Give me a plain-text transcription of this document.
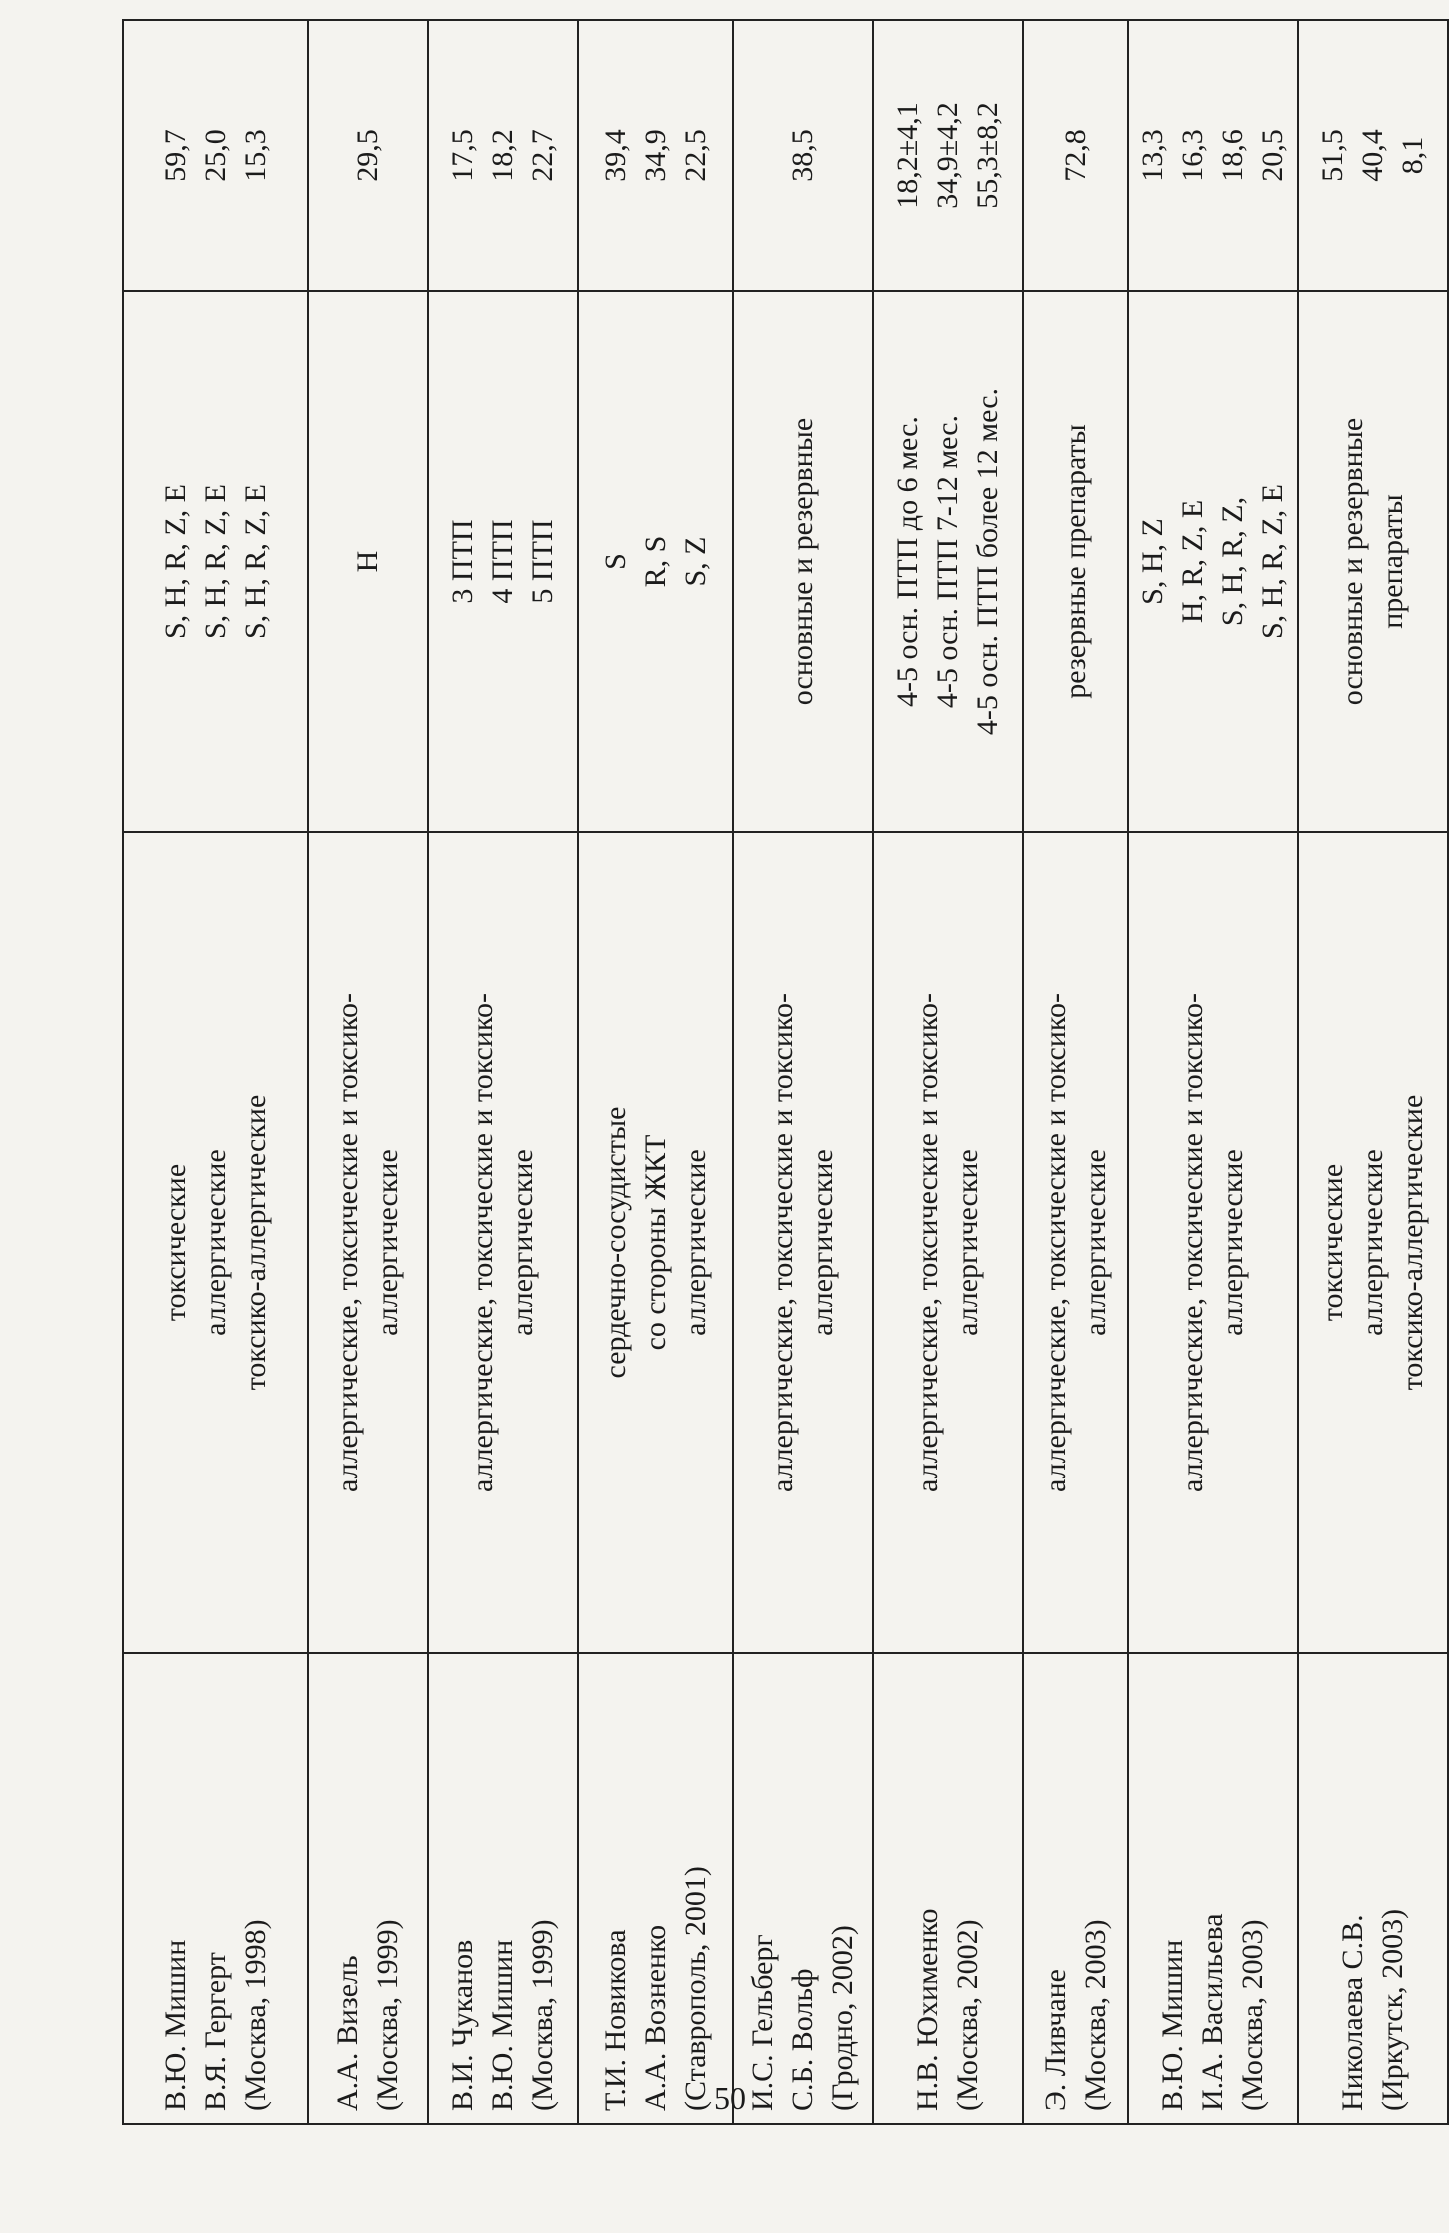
В.Ю. Мишин В.Я. Гергерт (Москва, 1998)	токсические аллергические токсико-аллергические	S, H, R, Z, E S, H, R, Z, E S, H, R, Z, E	59,7 25,0 15,3

А.А. Визель (Москва, 1999)	аллергические, токсические и токсико- аллергические	H	29,5

В.И. Чуканов В.Ю. Мишин (Москва, 1999)	аллергические, токсические и токсико- аллергические	3 ПТП 4 ПТП 5 ПТП	17,5 18,2 22,7

Т.И. Новикова А.А. Возненко (Ставрополь, 2001)	сердечно-сосудистые со стороны ЖКТ аллергические	S R, S S, Z	39,4 34,9 22,5

И.С. Гельберг С.Б. Вольф (Гродно, 2002)	аллергические, токсические и токсико- аллергические	основные и резервные	38,5

Н.В. Юхименко (Москва, 2002)	аллергические, токсические и токсико- аллергические	4-5 осн. ПТП до 6 мес. 4-5 осн. ПТП 7-12 мес. 4-5 осн. ПТП более 12 мес.	18,2±4,1 34,9±4,2 55,3±8,2

Э. Ливчане (Москва, 2003)	аллергические, токсические и токсико- аллергические	резервные препараты	72,8

В.Ю. Мишин И.А. Васильева (Москва, 2003)	аллергические, токсические и токсико- аллергические	S, H, Z H, R, Z, E S, H, R, Z, S, H, R, Z, E	13,3 16,3 18,6 20,5

Николаева С.В. (Иркутск, 2003)	токсические аллергические токсико-аллергические	основные и резервные препараты	51,5 40,4 8,1
50
